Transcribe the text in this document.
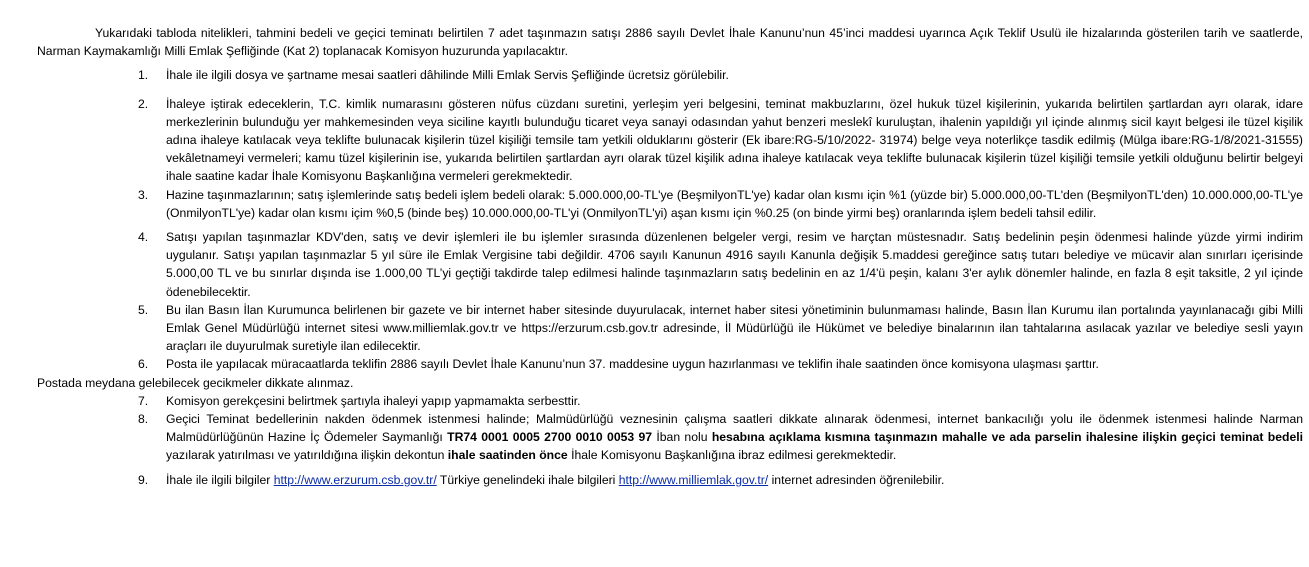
Yukarıdaki tabloda nitelikleri, tahmini bedeli ve geçici teminatı belirtilen 7 adet taşınmazın satışı 2886 sayılı Devlet İhale Kanunu’nun 45’inci maddesi uyarınca Açık Teklif Usulü ile hizalarında gösterilen tarih ve saatlerde, Narman Kaymakamlığı Milli Emlak Şefliğinde (Kat 2) toplanacak Komisyon huzurunda yapılacaktır.

1. İhale ile ilgili dosya ve şartname mesai saatleri dâhilinde Milli Emlak Servis Şefliğinde ücretsiz görülebilir.
2. İhaleye iştirak edeceklerin, T.C. kimlik numarasını gösteren nüfus cüzdanı suretini, yerleşim yeri belgesini, teminat makbuzlarını, özel hukuk tüzel kişilerinin, yukarıda belirtilen şartlardan ayrı olarak, idare merkezlerinin bulunduğu yer mahkemesinden veya siciline kayıtlı bulunduğu ticaret veya sanayi odasından yahut benzeri meslekî kuruluştan, ihalenin yapıldığı yıl içinde alınmış sicil kayıt belgesi ile tüzel kişilik adına ihaleye katılacak veya teklifte bulunacak kişilerin tüzel kişiliği temsile tam yetkili olduklarını gösterir (Ek ibare:RG-5/10/2022- 31974) belge veya noterlikçe tasdik edilmiş (Mülga ibare:RG-1/8/2021-31555) vekâletnameyi vermeleri; kamu tüzel kişilerinin ise, yukarıda belirtilen şartlardan ayrı olarak tüzel kişilik adına ihaleye katılacak veya teklifte bulunacak kişilerin tüzel kişiliği temsile yetkili olduğunu belirtir belgeyi ihale saatine kadar İhale Komisyonu Başkanlığına vermeleri gerekmektedir.
3. Hazine taşınmazlarının; satış işlemlerinde satış bedeli işlem bedeli olarak: 5.000.000,00-TL'ye (BeşmilyonTL'ye) kadar olan kısmı için %1 (yüzde bir) 5.000.000,00-TL'den (BeşmilyonTL'den) 10.000.000,00-TL'ye (OnmilyonTL'ye) kadar olan kısmı içim %0,5 (binde beş) 10.000.000,00-TL'yi (OnmilyonTL'yi) aşan kısmı için %0.25 (on binde yirmi beş) oranlarında işlem bedeli tahsil edilir.
4. Satışı yapılan taşınmazlar KDV'den, satış ve devir işlemleri ile bu işlemler sırasında düzenlenen belgeler vergi, resim ve harçtan müstesnadır. Satış bedelinin peşin ödenmesi halinde yüzde yirmi indirim uygulanır. Satışı yapılan taşınmazlar 5 yıl süre ile Emlak Vergisine tabi değildir. 4706 sayılı Kanunun 4916 sayılı Kanunla değişik 5.maddesi gereğince satış tutarı belediye ve mücavir alan sınırları içerisinde 5.000,00 TL ve bu sınırlar dışında ise 1.000,00 TL’yi geçtiği takdirde talep edilmesi halinde taşınmazların satış bedelinin en az 1/4'ü peşin, kalanı 3'er aylık dönemler halinde, en fazla 8 eşit taksitle, 2 yıl içinde ödenebilecektir.
5. Bu ilan Basın İlan Kurumunca belirlenen bir gazete ve bir internet haber sitesinde duyurulacak, internet haber sitesi yönetiminin bulunmaması halinde, Basın İlan Kurumu ilan portalında yayınlanacağı gibi Milli Emlak Genel Müdürlüğü internet sitesi www.milliemlak.gov.tr ve https://erzurum.csb.gov.tr adresinde, İl Müdürlüğü ile Hükümet ve belediye binalarının ilan tahtalarına asılacak yazılar ve belediye sesli yayın araçları ile duyurulmak suretiyle ilan edilecektir.
6. Posta ile yapılacak müracaatlarda teklifin 2886 sayılı Devlet İhale Kanunu’nun 37. maddesine uygun hazırlanması ve teklifin ihale saatinden önce komisyona ulaşması şarttır.

Postada meydana gelebilecek gecikmeler dikkate alınmaz.

7. Komisyon gerekçesini belirtmek şartıyla ihaleyi yapıp yapmamakta serbesttir.
8. Geçici Teminat bedellerinin nakden ödenmek istenmesi halinde; Malmüdürlüğü veznesinin çalışma saatleri dikkate alınarak ödenmesi, internet bankacılığı yolu ile ödenmek istenmesi halinde Narman Malmüdürlüğünün Hazine İç Ödemeler Saymanlığı TR74 0001 0005 2700 0010 0053 97 İban nolu hesabına açıklama kısmına taşınmazın mahalle ve ada parselin ihalesine ilişkin geçici teminat bedeli yazılarak yatırılması ve yatırıldığına ilişkin dekontun ihale saatinden önce İhale Komisyonu Başkanlığına ibraz edilmesi gerekmektedir.
9. İhale ile ilgili bilgiler http://www.erzurum.csb.gov.tr/ Türkiye genelindeki ihale bilgileri http://www.milliemlak.gov.tr/ internet adresinden öğrenilebilir.
